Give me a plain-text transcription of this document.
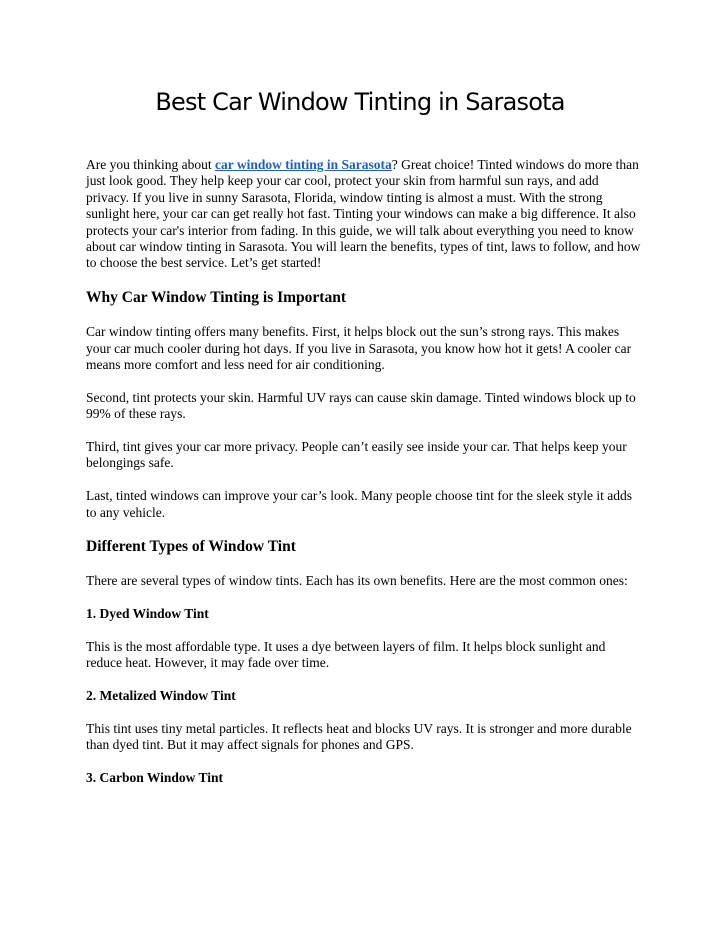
Best Car Window Tinting in Sarasota

Are you thinking about car window tinting in Sarasota? Great choice! Tinted windows do more than just look good. They help keep your car cool, protect your skin from harmful sun rays, and add privacy. If you live in sunny Sarasota, Florida, window tinting is almost a must. With the strong sunlight here, your car can get really hot fast. Tinting your windows can make a big difference. It also protects your car's interior from fading. In this guide, we will talk about everything you need to know about car window tinting in Sarasota. You will learn the benefits, types of tint, laws to follow, and how to choose the best service. Let’s get started!

Why Car Window Tinting is Important

Car window tinting offers many benefits. First, it helps block out the sun’s strong rays. This makes your car much cooler during hot days. If you live in Sarasota, you know how hot it gets! A cooler car means more comfort and less need for air conditioning.

Second, tint protects your skin. Harmful UV rays can cause skin damage. Tinted windows block up to 99% of these rays.

Third, tint gives your car more privacy. People can’t easily see inside your car. That helps keep your belongings safe.

Last, tinted windows can improve your car’s look. Many people choose tint for the sleek style it adds to any vehicle.

Different Types of Window Tint

There are several types of window tints. Each has its own benefits. Here are the most common ones:

1. Dyed Window Tint

This is the most affordable type. It uses a dye between layers of film. It helps block sunlight and reduce heat. However, it may fade over time.

2. Metalized Window Tint

This tint uses tiny metal particles. It reflects heat and blocks UV rays. It is stronger and more durable than dyed tint. But it may affect signals for phones and GPS.

3. Carbon Window Tint
